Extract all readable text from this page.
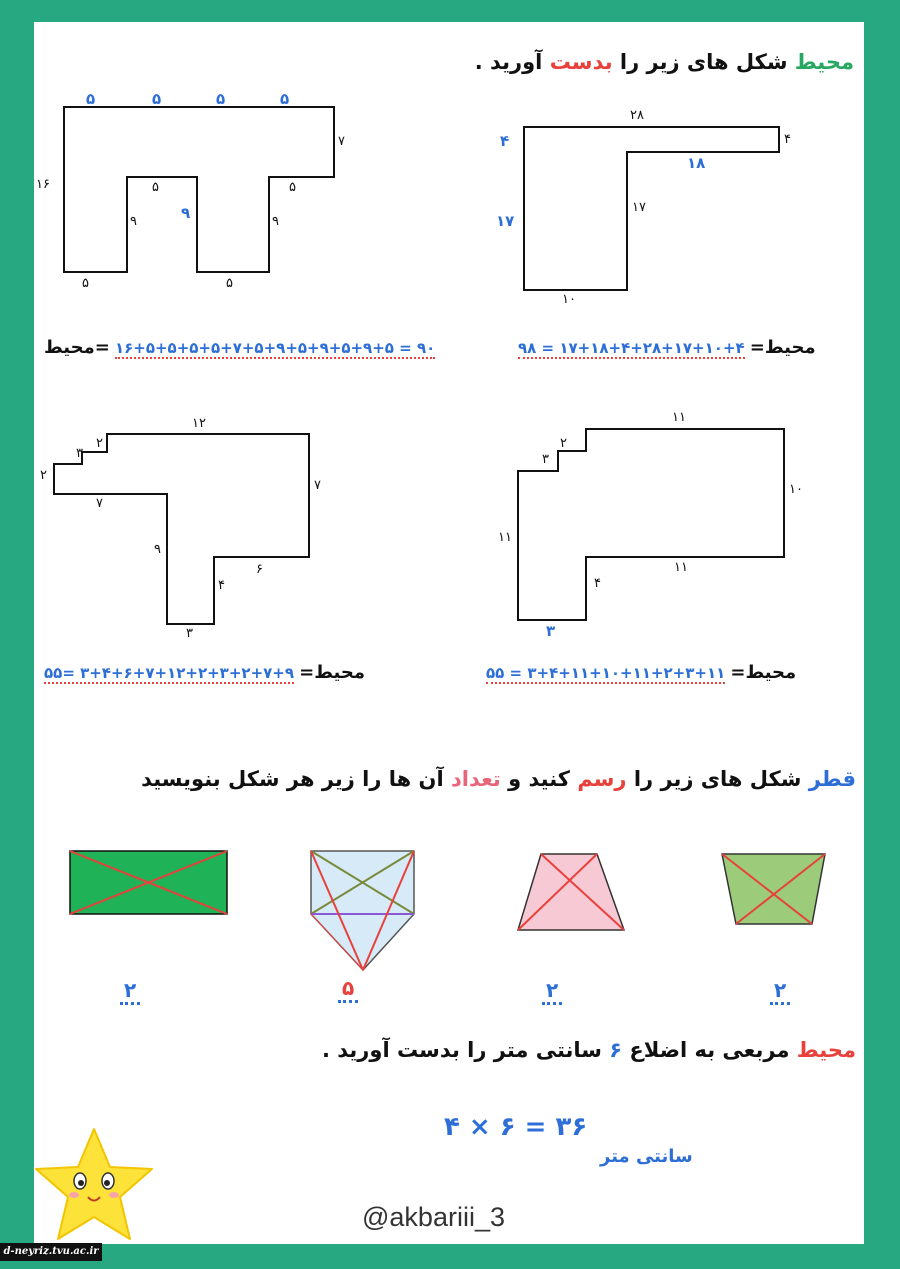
محیط شکل های زیر را بدست آورید .
۵	۵	۵	۵
۱۶
۷
۵
۹
۵
۵
۹	۹
۵
۲۸
۴
۴
۱۸
۱۷
۱۷
۱۰
محیط= ۱۶+۵+۵+۵+۵+۷+۵+۹+۵+۹+۵+۹+۵ = ۹۰	محیط= ۴+۱۰+۱۷+۲۸+۴+۱۸+۱۷ = ۹۸
۱۲
۲
۳
۲
۷
۷
۹
۶
۴
۳
۱۱
۲
۳
۱۰
۱۱
۱۱
۴
۳
محیط= ۹+۷+۲+۳+۲+۱۲+۷+۶+۴+۳ =۵۵	محیط= ۱۱+۳+۲+۱۱+۱۰+۱۱+۴+۳ = ۵۵
قطر شکل های زیر را رسم کنید و تعداد آن ها را زیر هر شکل بنویسید
۲	۵	۲	۲
محیط مربعی به اضلاع ۶ سانتی متر را بدست آورید .
۴ × ۶ = ۳۶
سانتی متر
@akbariii_3
d-neyriz.tvu.ac.ir
